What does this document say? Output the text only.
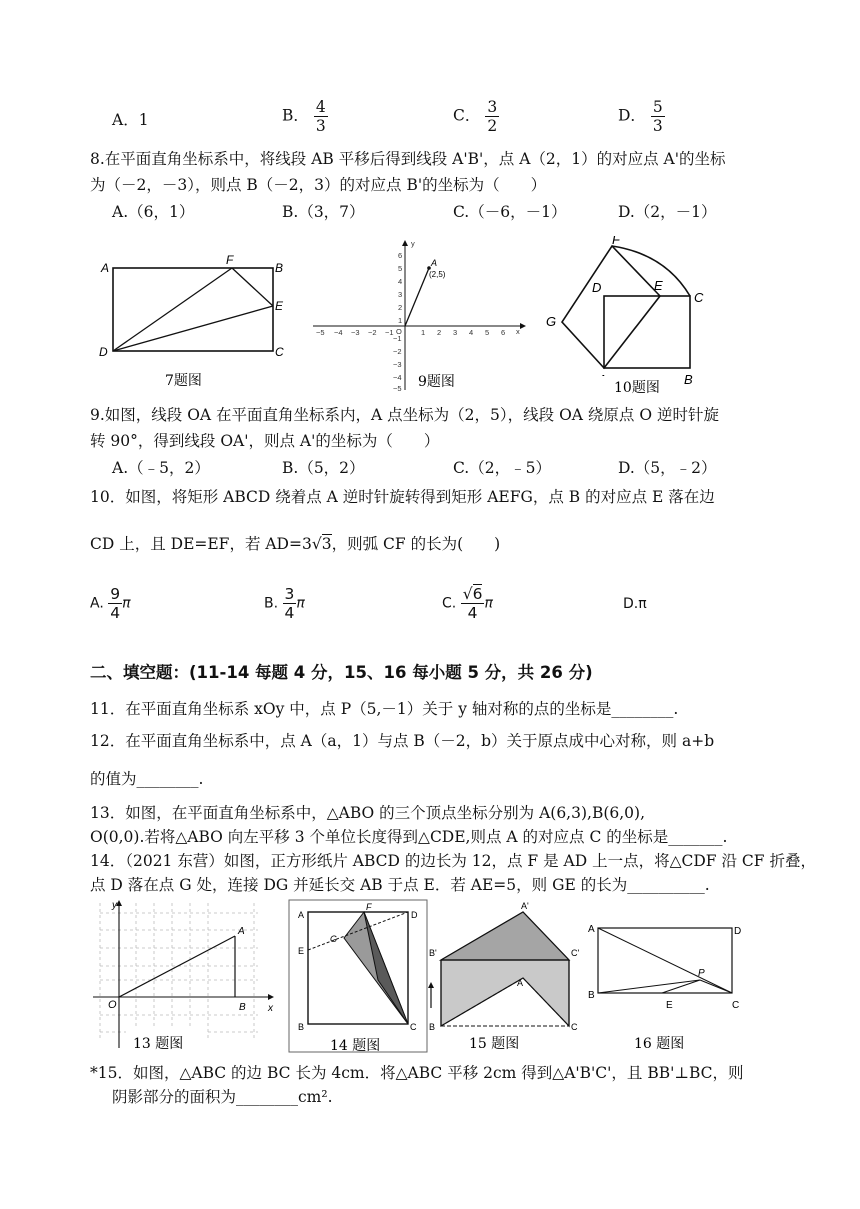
A．1	B． $\frac{4}{3}$	C． $\frac{3}{2}$	D． $\frac{5}{3}$
8.在平面直角坐标系中，将线段 AB 平移后得到线段 A'B'，点 A（2，1）的对应点 A'的坐标
为（－2，－3），则点 B（－2，3）的对应点 B'的坐标为（　　）
A.（6，1）	B.（3，7）	C.（－6，－1）	D.（2，－1）
A	B
F
E
D	C
7题图
−5 −4 −3 −2 −1	1 2 3 4 5 6
6
5
4
3
2
1
−1
−2
−3
−4
−5
x
y
O
A
(2,5)
9题图
F
D	E
C
G
B
10题图
9.如图，线段 OA 在平面直角坐标系内，A 点坐标为（2，5），线段 OA 绕原点 O 逆时针旋
转 90°，得到线段 OA'，则点 A'的坐标为（　　）
A.（﹣5，2）	B.（5，2）	C.（2，﹣5）	D.（5，﹣2）
10．如图，将矩形 ABCD 绕着点 A 逆时针旋转得到矩形 AEFG，点 B 的对应点 E 落在边
CD 上，且 DE=EF，若 AD=3√3，则弧 CF 的长为(　　)
A. $\frac{9}{4}$ π	B. $\frac{3}{4}$ π	C. $\frac{√6}{4}$ π	D.π
二、填空题：(11-14 每题 4 分，15、16 每小题 5 分，共 26 分)
11．在平面直角坐标系 xOy 中，点 P（5,－1）关于 y 轴对称的点的坐标是________.
12．在平面直角坐标系中，点 A（a，1）与点 B（－2，b）关于原点成中心对称，则 a+b
的值为________.
13．如图，在平面直角坐标系中，△ABO 的三个顶点坐标分别为 A(6,3),B(6,0),
O(0,0).若将△ABO 向左平移 3 个单位长度得到△CDE,则点 A 的对应点 C 的坐标是_______.
14．（2021 东营）如图，正方形纸片 ABCD 的边长为 12，点 F 是 AD 上一点，将△CDF 沿 CF 折叠，
点 D 落在点 G 处，连接 DG 并延长交 AB 于点 E．若 AE=5，则 GE 的长为__________.
y
x
O
A
B
13 题图
A
F
D
E
G
B	C
14 题图
A'
B'	C'
A
B	C
15 题图
A	D
P
B
E	C
16 题图
*15．如图，△ABC 的边 BC 长为 4cm．将△ABC 平移 2cm 得到△A'B'C'，且 BB'⊥BC，则
阴影部分的面积为________cm².
